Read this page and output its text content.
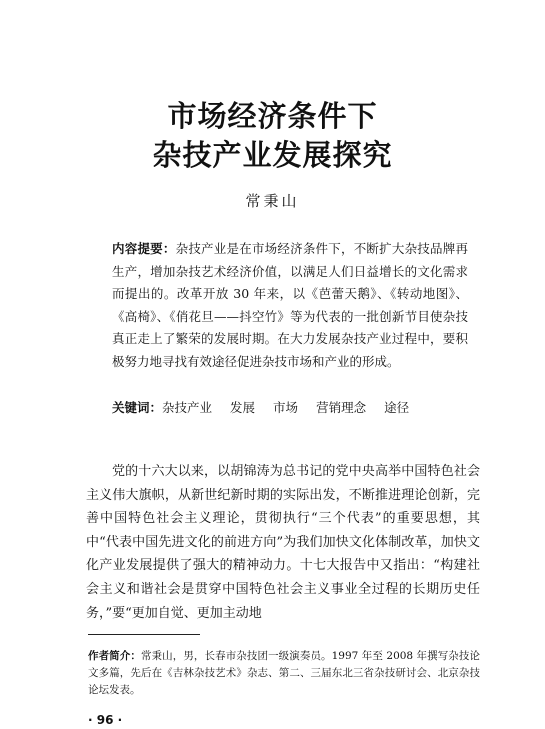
市场经济条件下
杂技产业发展探究
常秉山
内容提要：杂技产业是在市场经济条件下，不断扩大杂技品牌再生产，增加杂技艺术经济价值，以满足人们日益增长的文化需求而提出的。改革开放 30 年来，以《芭蕾天鹅》、《转动地图》、《高椅》、《俏花旦——抖空竹》等为代表的一批创新节目使杂技真正走上了繁荣的发展时期。在大力发展杂技产业过程中，要积极努力地寻找有效途径促进杂技市场和产业的形成。
关键词：杂技产业 发展 市场 营销理念 途径
党的十六大以来，以胡锦涛为总书记的党中央高举中国特色社会主义伟大旗帜，从新世纪新时期的实际出发，不断推进理论创新，完善中国特色社会主义理论，贯彻执行“三个代表”的重要思想，其中“代表中国先进文化的前进方向”为我们加快文化体制改革，加快文化产业发展提供了强大的精神动力。十七大报告中又指出：“构建社会主义和谐社会是贯穿中国特色社会主义事业全过程的长期历史任务，”要“更加自觉、更加主动地
作者简介：常秉山，男，长春市杂技团一级演奏员。1997 年至 2008 年撰写杂技论文多篇，先后在《吉林杂技艺术》杂志、第二、三届东北三省杂技研讨会、北京杂技论坛发表。
· 96 ·
